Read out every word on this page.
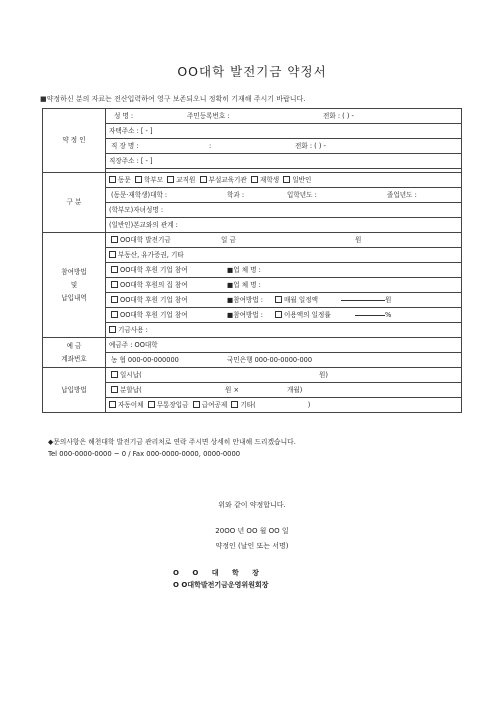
OO대학 발전기금 약정서
■약정하신 분의 자료는 전산입력하여 영구 보존되오니 정확히 기재해 주시기 바랍니다.
약 정 인	성 명 : 주민등록번호 : 전화 : ( ) -

	자택주소 : [ - ]

	직 장 명 : : 전화 : ( ) -

	직장주소 : [ - ]

구 분	동문 학부모 교직원 부설교육기관 재학생 일반인

	(동문·재학생)대학 : 학과 : 입학년도 : 졸업년도 :

	(학부모)자녀성명 :

	(일반인)본교와의 관계 :

참여방법
및
납입내역	OO대학 발전기금 일 금 원

	부동산, 유가증권, 기타

	OO대학 후원 기업 참여 ■업 체 명 :

	OO대학 후원의 집 참여 ■업 체 명 :

	OO대학 후원 기업 참여 ■참여방법 : 매월 일정액 원

	OO대학 후원 기업 참여 ■참여방법 : 이용액의 일정률 %

	기금사용 :

예 금
계좌번호	예금주 : OO대학

	농 협 000-00-000000 국민은행 000-00-0000-000

납입방법	일시납( 원)

	분할납( 원 × 개월)

	자동이체 무통장입금 급여공제 기타( )
◆문의사항은 해천대학 발전기금 관리처로 연락 주시면 상세히 안내해 드리겠습니다.
Tel 000-0000-0000 ~ 0 / Fax 000-0000-0000, 0000-0000
위와 같이 약정합니다.
20OO 년 OO 월 OO 일
약정인 (날인 또는 서명)
O O 대 학 장
O O대학발전기금운영위원회장
